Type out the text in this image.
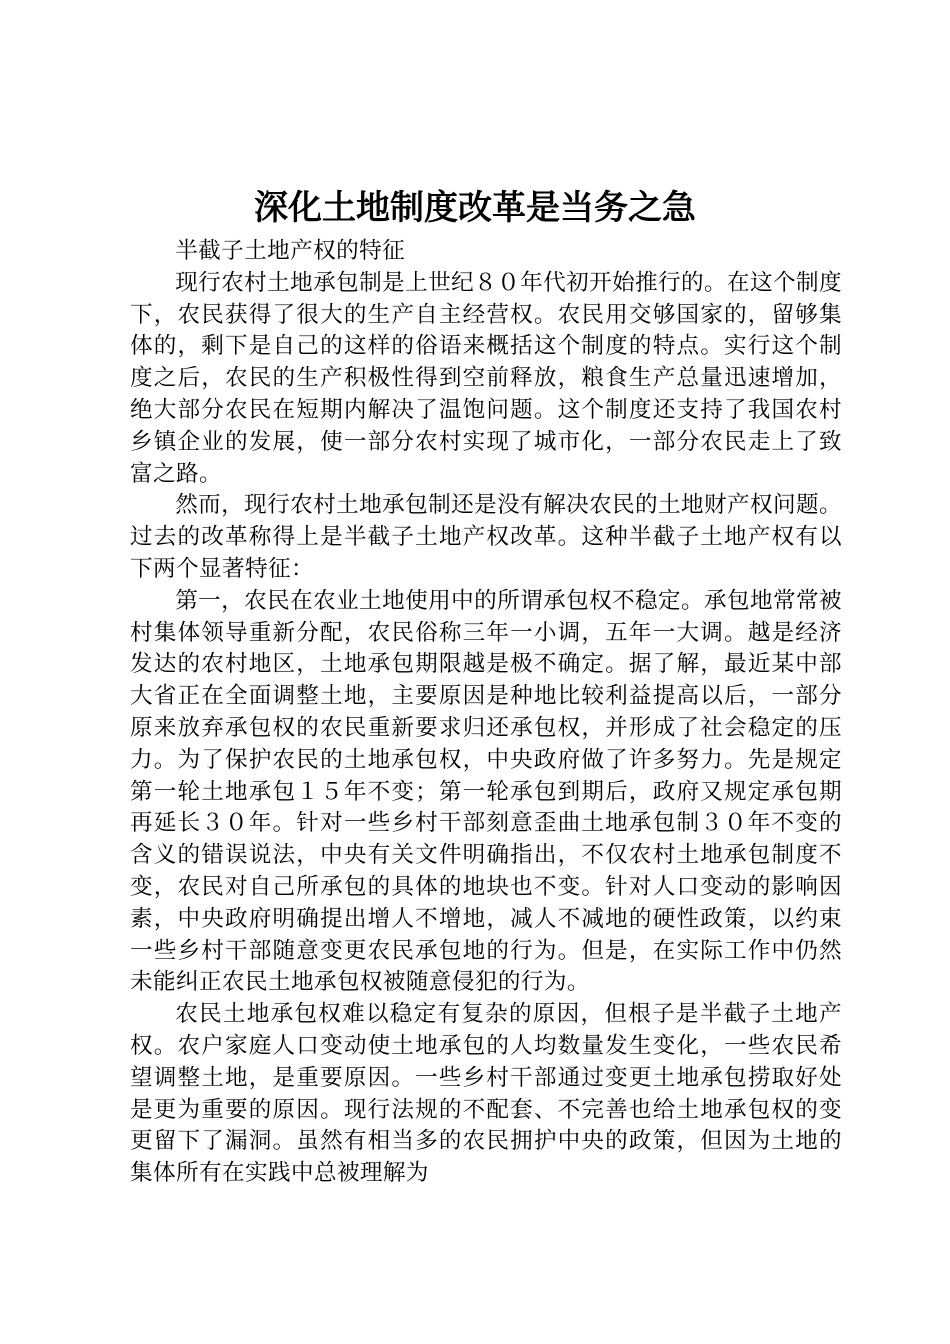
深化土地制度改革是当务之急

半截子土地产权的特征

现行农村土地承包制是上世纪８０年代初开始推行的。在这个制度下，农民获得了很大的生产自主经营权。农民用交够国家的，留够集体的，剩下是自己的这样的俗语来概括这个制度的特点。实行这个制度之后，农民的生产积极性得到空前释放，粮食生产总量迅速增加，绝大部分农民在短期内解决了温饱问题。这个制度还支持了我国农村乡镇企业的发展，使一部分农村实现了城市化，一部分农民走上了致富之路。

然而，现行农村土地承包制还是没有解决农民的土地财产权问题。过去的改革称得上是半截子土地产权改革。这种半截子土地产权有以下两个显著特征：

第一，农民在农业土地使用中的所谓承包权不稳定。承包地常常被村集体领导重新分配，农民俗称三年一小调，五年一大调。越是经济发达的农村地区，土地承包期限越是极不确定。据了解，最近某中部大省正在全面调整土地，主要原因是种地比较利益提高以后，一部分原来放弃承包权的农民重新要求归还承包权，并形成了社会稳定的压力。为了保护农民的土地承包权，中央政府做了许多努力。先是规定第一轮土地承包１５年不变；第一轮承包到期后，政府又规定承包期再延长３０年。针对一些乡村干部刻意歪曲土地承包制３０年不变的含义的错误说法，中央有关文件明确指出，不仅农村土地承包制度不变，农民对自己所承包的具体的地块也不变。针对人口变动的影响因素，中央政府明确提出增人不增地，减人不减地的硬性政策，以约束一些乡村干部随意变更农民承包地的行为。但是，在实际工作中仍然未能纠正农民土地承包权被随意侵犯的行为。

农民土地承包权难以稳定有复杂的原因，但根子是半截子土地产权。农户家庭人口变动使土地承包的人均数量发生变化，一些农民希望调整土地，是重要原因。一些乡村干部通过变更土地承包捞取好处是更为重要的原因。现行法规的不配套、不完善也给土地承包权的变更留下了漏洞。虽然有相当多的农民拥护中央的政策，但因为土地的集体所有在实践中总被理解为
